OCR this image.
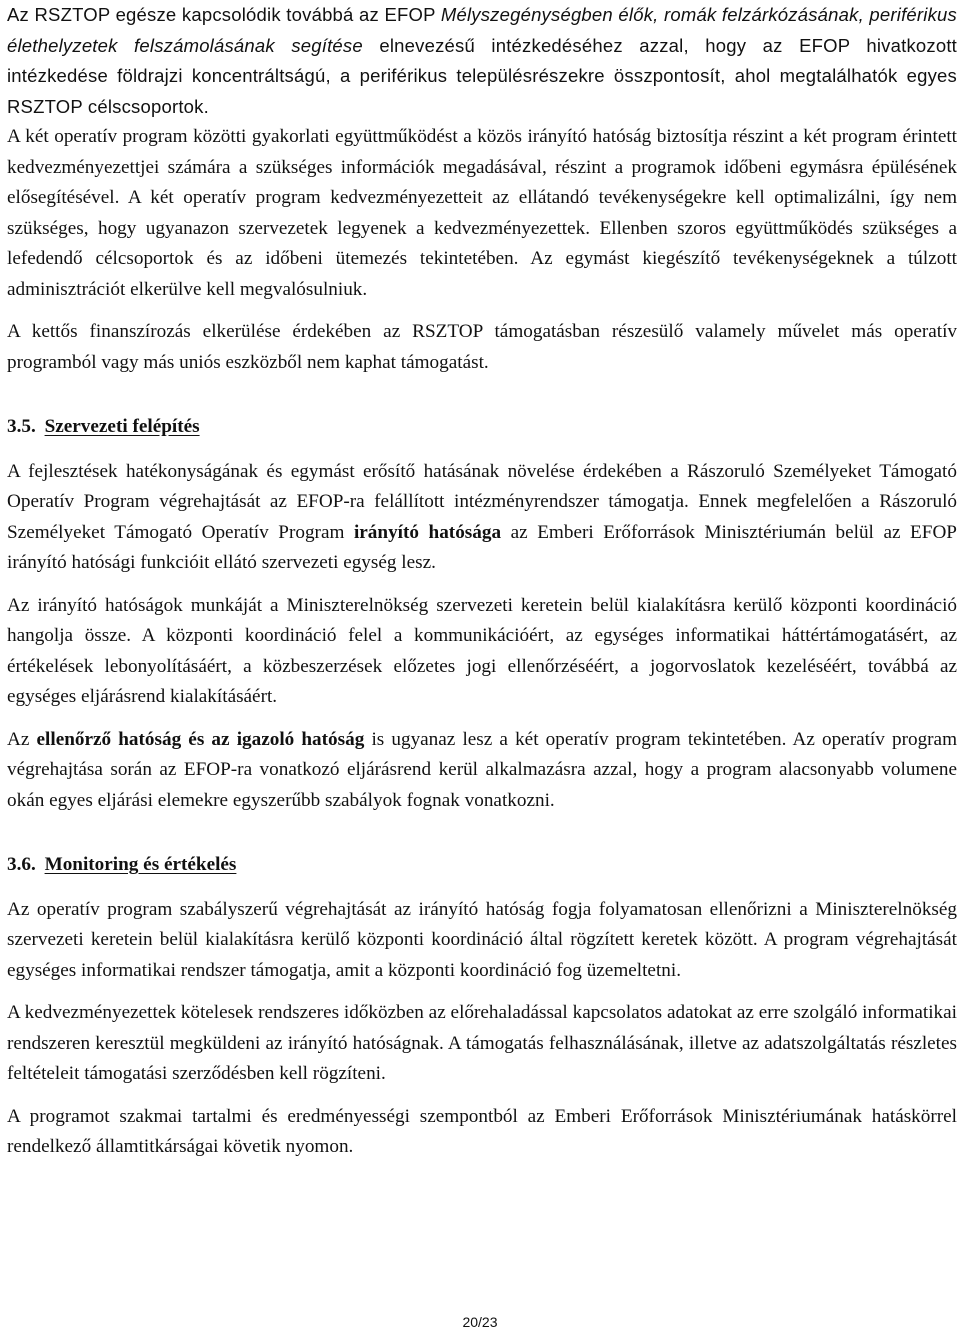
Az RSZTOP egésze kapcsolódik továbbá az EFOP Mélyszegénységben élők, romák felzárkózásának, periférikus élethelyzetek felszámolásának segítése elnevezésű intézkedéséhez azzal, hogy az EFOP hivatkozott intézkedése földrajzi koncentráltságú, a periférikus településrészekre összpontosít, ahol megtalálhatók egyes RSZTOP célscsoportok.

A két operatív program közötti gyakorlati együttműködést a közös irányító hatóság biztosítja részint a két program érintett kedvezményezettjei számára a szükséges információk megadásával, részint a programok időbeni egymásra épülésének elősegítésével. A két operatív program kedvezményezetteit az ellátandó tevékenységekre kell optimalizálni, így nem szükséges, hogy ugyanazon szervezetek legyenek a kedvezményezettek. Ellenben szoros együttműködés szükséges a lefedendő célcsoportok és az időbeni ütemezés tekintetében. Az egymást kiegészítő tevékenységeknek a túlzott adminisztrációt elkerülve kell megvalósulniuk.

A kettős finanszírozás elkerülése érdekében az RSZTOP támogatásban részesülő valamely művelet más operatív programból vagy más uniós eszközből nem kaphat támogatást.

3.5. Szervezeti felépítés

A fejlesztések hatékonyságának és egymást erősítő hatásának növelése érdekében a Rászoruló Személyeket Támogató Operatív Program végrehajtását az EFOP-ra felállított intézményrendszer támogatja. Ennek megfelelően a Rászoruló Személyeket Támogató Operatív Program irányító hatósága az Emberi Erőforrások Minisztériumán belül az EFOP irányító hatósági funkcióit ellátó szervezeti egység lesz.

Az irányító hatóságok munkáját a Miniszterelnökség szervezeti keretein belül kialakításra kerülő központi koordináció hangolja össze. A központi koordináció felel a kommunikációért, az egységes informatikai háttértámogatásért, az értékelések lebonyolításáért, a közbeszerzések előzetes jogi ellenőrzéséért, a jogorvoslatok kezeléséért, továbbá az egységes eljárásrend kialakításáért.

Az ellenőrző hatóság és az igazoló hatóság is ugyanaz lesz a két operatív program tekintetében. Az operatív program végrehajtása során az EFOP-ra vonatkozó eljárásrend kerül alkalmazásra azzal, hogy a program alacsonyabb volumene okán egyes eljárási elemekre egyszerűbb szabályok fognak vonatkozni.

3.6. Monitoring és értékelés

Az operatív program szabályszerű végrehajtását az irányító hatóság fogja folyamatosan ellenőrizni a Miniszterelnökség szervezeti keretein belül kialakításra kerülő központi koordináció által rögzített keretek között. A program végrehajtását egységes informatikai rendszer támogatja, amit a központi koordináció fog üzemeltetni.

A kedvezményezettek kötelesek rendszeres időközben az előrehaladással kapcsolatos adatokat az erre szolgáló informatikai rendszeren keresztül megküldeni az irányító hatóságnak. A támogatás felhasználásának, illetve az adatszolgáltatás részletes feltételeit támogatási szerződésben kell rögzíteni.

A programot szakmai tartalmi és eredményességi szempontból az Emberi Erőforrások Minisztériumának hatáskörrel rendelkező államtitkárságai követik nyomon.

20/23
